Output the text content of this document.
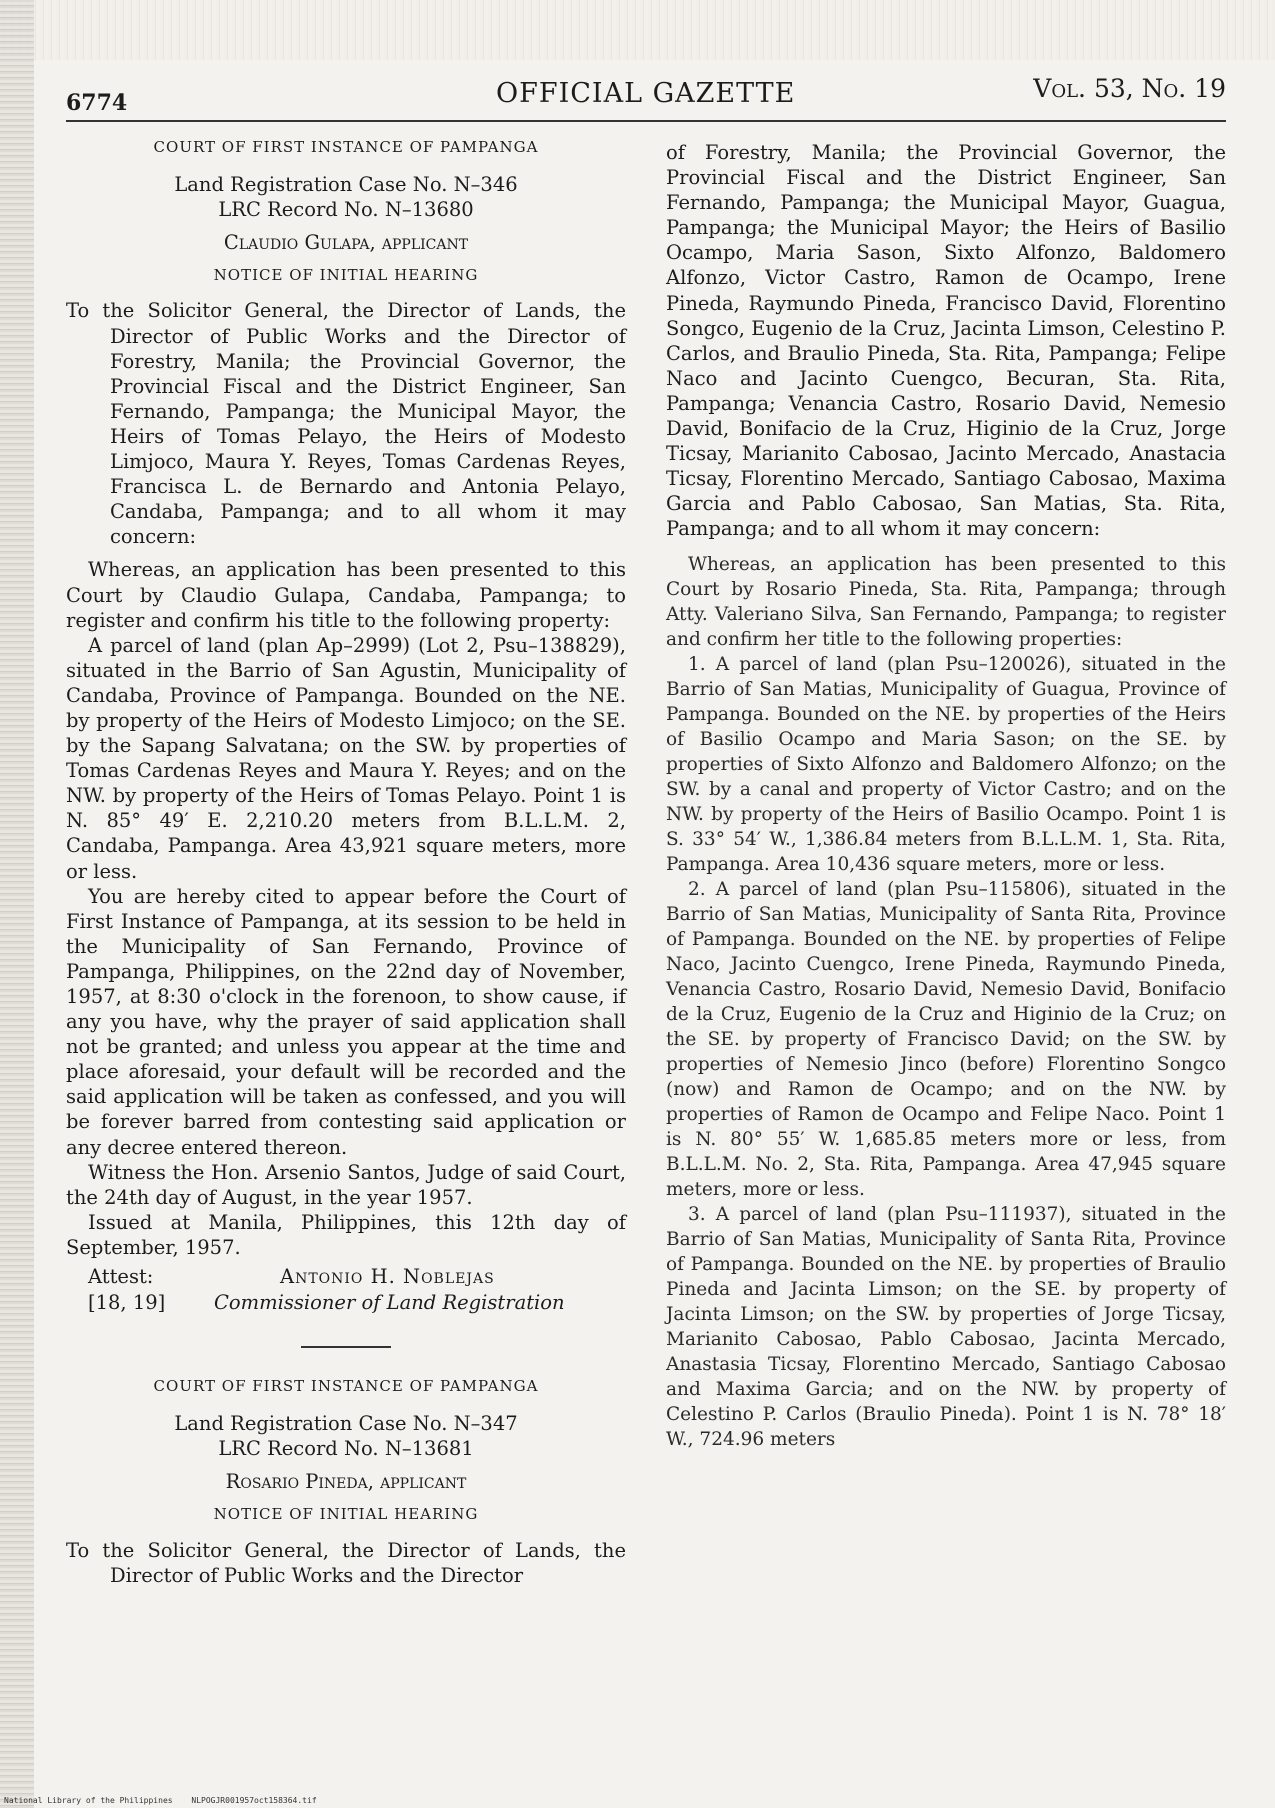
6774	OFFICIAL GAZETTE	Vol. 53, No. 19

COURT OF FIRST INSTANCE OF PAMPANGA

Land Registration Case No. N–346

LRC Record No. N–13680

Claudio Gulapa, applicant

NOTICE OF INITIAL HEARING

To the Solicitor General, the Director of Lands, the Director of Public Works and the Director of Forestry, Manila; the Provincial Governor, the Provincial Fiscal and the District Engineer, San Fernando, Pampanga; the Municipal Mayor, the Heirs of Tomas Pelayo, the Heirs of Modesto Limjoco, Maura Y. Reyes, Tomas Cardenas Reyes, Francisca L. de Bernardo and Antonia Pelayo, Candaba, Pampanga; and to all whom it may concern:

Whereas, an application has been presented to this Court by Claudio Gulapa, Candaba, Pampanga; to register and confirm his title to the following property:

A parcel of land (plan Ap–2999) (Lot 2, Psu–138829), situated in the Barrio of San Agustin, Municipality of Candaba, Province of Pampanga. Bounded on the NE. by property of the Heirs of Modesto Limjoco; on the SE. by the Sapang Salvatana; on the SW. by properties of Tomas Cardenas Reyes and Maura Y. Reyes; and on the NW. by property of the Heirs of Tomas Pelayo. Point 1 is N. 85° 49′ E. 2,210.20 meters from B.L.L.M. 2, Candaba, Pampanga. Area 43,921 square meters, more or less.

You are hereby cited to appear before the Court of First Instance of Pampanga, at its session to be held in the Municipality of San Fernando, Province of Pampanga, Philippines, on the 22nd day of November, 1957, at 8:30 o'clock in the forenoon, to show cause, if any you have, why the prayer of said application shall not be granted; and unless you appear at the time and place aforesaid, your default will be recorded and the said application will be taken as confessed, and you will be forever barred from contesting said application or any decree entered thereon.

Witness the Hon. Arsenio Santos, Judge of said Court, the 24th day of August, in the year 1957.

Issued at Manila, Philippines, this 12th day of September, 1957.

Attest:
[18, 19]
Antonio H. Noblejas
Commissioner of Land Registration

COURT OF FIRST INSTANCE OF PAMPANGA

Land Registration Case No. N–347

LRC Record No. N–13681

Rosario Pineda, applicant

NOTICE OF INITIAL HEARING

To the Solicitor General, the Director of Lands, the Director of Public Works and the Director

of Forestry, Manila; the Provincial Governor, the Provincial Fiscal and the District Engineer, San Fernando, Pampanga; the Municipal Mayor, Guagua, Pampanga; the Municipal Mayor; the Heirs of Basilio Ocampo, Maria Sason, Sixto Alfonzo, Baldomero Alfonzo, Victor Castro, Ramon de Ocampo, Irene Pineda, Raymundo Pineda, Francisco David, Florentino Songco, Eugenio de la Cruz, Jacinta Limson, Celestino P. Carlos, and Braulio Pineda, Sta. Rita, Pampanga; Felipe Naco and Jacinto Cuengco, Becuran, Sta. Rita, Pampanga; Venancia Castro, Rosario David, Nemesio David, Bonifacio de la Cruz, Higinio de la Cruz, Jorge Ticsay, Marianito Cabosao, Jacinto Mercado, Anastacia Ticsay, Florentino Mercado, Santiago Cabosao, Maxima Garcia and Pablo Cabosao, San Matias, Sta. Rita, Pampanga; and to all whom it may concern:

Whereas, an application has been presented to this Court by Rosario Pineda, Sta. Rita, Pampanga; through Atty. Valeriano Silva, San Fernando, Pampanga; to register and confirm her title to the following properties:

1. A parcel of land (plan Psu–120026), situated in the Barrio of San Matias, Municipality of Guagua, Province of Pampanga. Bounded on the NE. by properties of the Heirs of Basilio Ocampo and Maria Sason; on the SE. by properties of Sixto Alfonzo and Baldomero Alfonzo; on the SW. by a canal and property of Victor Castro; and on the NW. by property of the Heirs of Basilio Ocampo. Point 1 is S. 33° 54′ W., 1,386.84 meters from B.L.L.M. 1, Sta. Rita, Pampanga. Area 10,436 square meters, more or less.

2. A parcel of land (plan Psu–115806), situated in the Barrio of San Matias, Municipality of Santa Rita, Province of Pampanga. Bounded on the NE. by properties of Felipe Naco, Jacinto Cuengco, Irene Pineda, Raymundo Pineda, Venancia Castro, Rosario David, Nemesio David, Bonifacio de la Cruz, Eugenio de la Cruz and Higinio de la Cruz; on the SE. by property of Francisco David; on the SW. by properties of Nemesio Jinco (before) Florentino Songco (now) and Ramon de Ocampo; and on the NW. by properties of Ramon de Ocampo and Felipe Naco. Point 1 is N. 80° 55′ W. 1,685.85 meters more or less, from B.L.L.M. No. 2, Sta. Rita, Pampanga. Area 47,945 square meters, more or less.

3. A parcel of land (plan Psu–111937), situated in the Barrio of San Matias, Municipality of Santa Rita, Province of Pampanga. Bounded on the NE. by properties of Braulio Pineda and Jacinta Limson; on the SE. by property of Jacinta Limson; on the SW. by properties of Jorge Ticsay, Marianito Cabosao, Pablo Cabosao, Jacinta Mercado, Anastasia Ticsay, Florentino Mercado, Santiago Cabosao and Maxima Garcia; and on the NW. by property of Celestino P. Carlos (Braulio Pineda). Point 1 is N. 78° 18′ W., 724.96 meters

National Library of the Philippines NLPOGJR001957oct158364.tif
